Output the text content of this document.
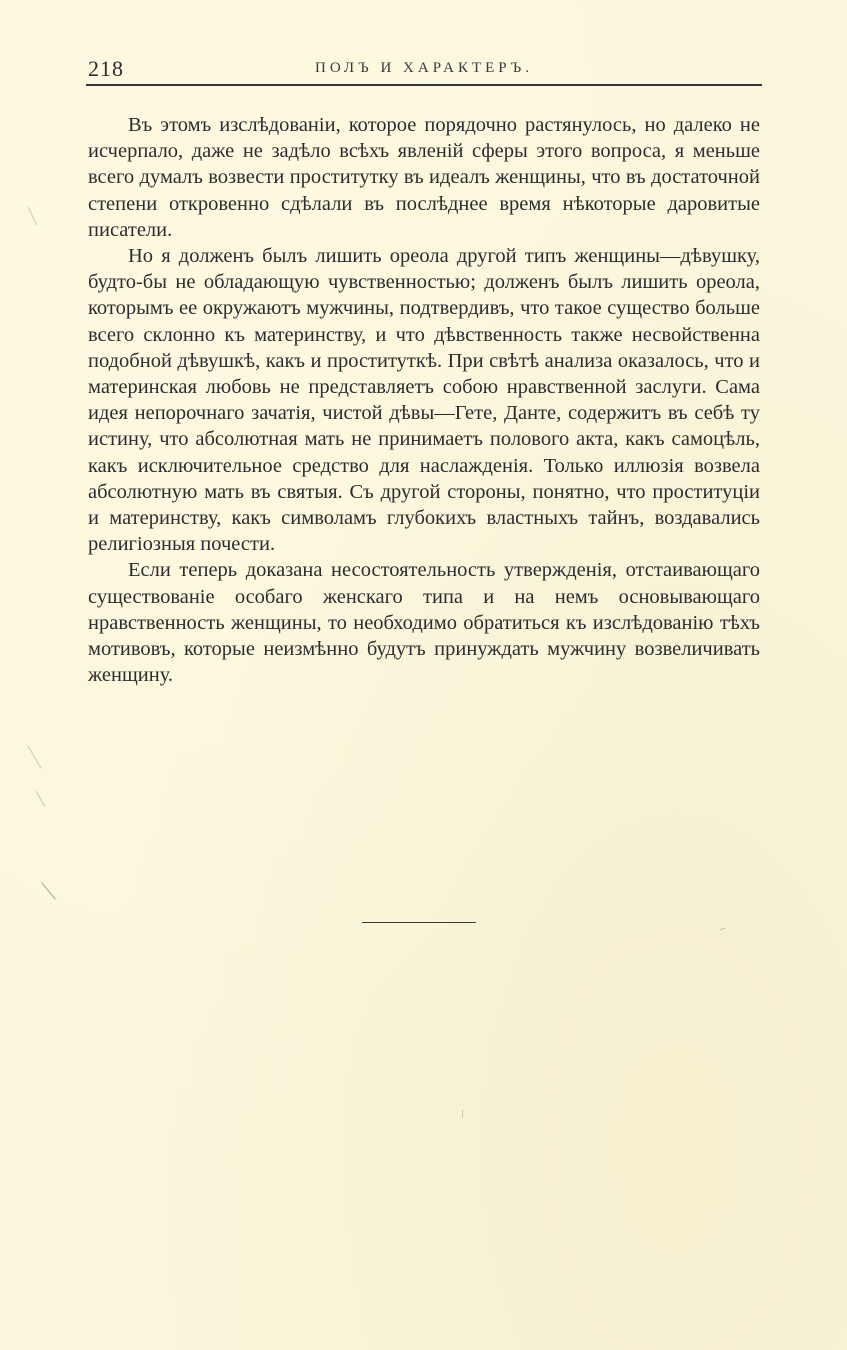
218	ПОЛЪ И ХАРАКТЕРЪ.

Въ этомъ изслѣдованіи, которое порядочно растянулось, но далеко не исчерпало, даже не задѣло всѣхъ явленій сферы этого вопроса, я меньше всего думалъ возвести проститутку въ идеалъ женщины, что въ достаточной степени откровенно сдѣлали въ послѣднее время нѣкоторые даровитые писатели.

Но я долженъ былъ лишить ореола другой типъ женщины—дѣвушку, будто-бы не обладающую чувственностью; долженъ былъ лишить ореола, которымъ ее окружаютъ мужчины, подтвердивъ, что такое существо больше всего склонно къ материнству, и что дѣвственность также несвойственна подобной дѣвушкѣ, какъ и проституткѣ. При свѣтѣ анализа оказалось, что и материнская любовь не представляетъ собою нравственной заслуги. Сама идея непорочнаго зачатія, чистой дѣвы—Гете, Данте, содержитъ въ себѣ ту истину, что абсолютная мать не принимаетъ полового акта, какъ самоцѣль, какъ исключительное средство для наслажденія. Только иллюзія возвела абсолютную мать въ святыя. Съ другой стороны, понятно, что проституціи и материнству, какъ символамъ глубокихъ властныхъ тайнъ, воздавались религіозныя почести.

Если теперь доказана несостоятельность утвержденія, отстаивающаго существованіе особаго женскаго типа и на немъ основывающаго нравственность женщины, то необходимо обратиться къ изслѣдованію тѣхъ мотивовъ, которые неизмѣнно будутъ принуждать мужчину возвеличивать женщину.
